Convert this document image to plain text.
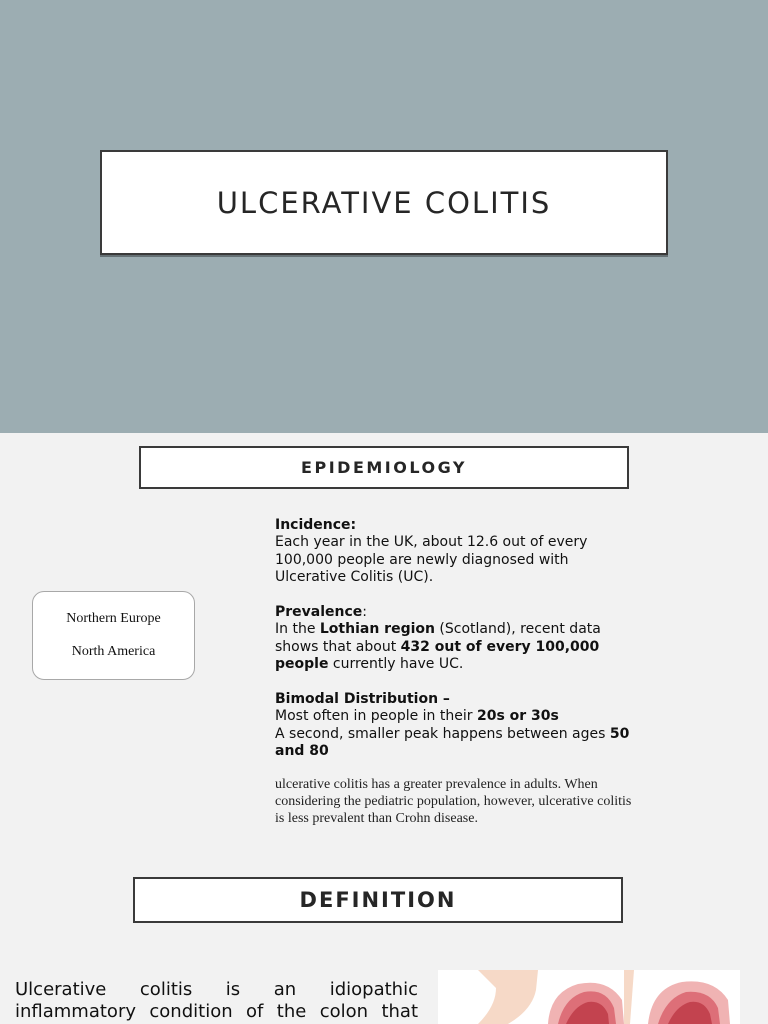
ULCERATIVE COLITIS
EPIDEMIOLOGY
Northern Europe
North America
Incidence:
Each year in the UK, about 12.6 out of every
100,000 people are newly diagnosed with
Ulcerative Colitis (UC).
Prevalence:
In the Lothian region (Scotland), recent data
shows that about 432 out of every 100,000
people currently have UC.
Bimodal Distribution –
Most often in people in their 20s or 30s
A second, smaller peak happens between ages 50
and 80
ulcerative colitis has a greater prevalence in adults. When
considering the pediatric population, however, ulcerative colitis
is less prevalent than Crohn disease.
DEFINITION
Ulcerative colitis is an idiopathic
inflammatory condition of the colon that
